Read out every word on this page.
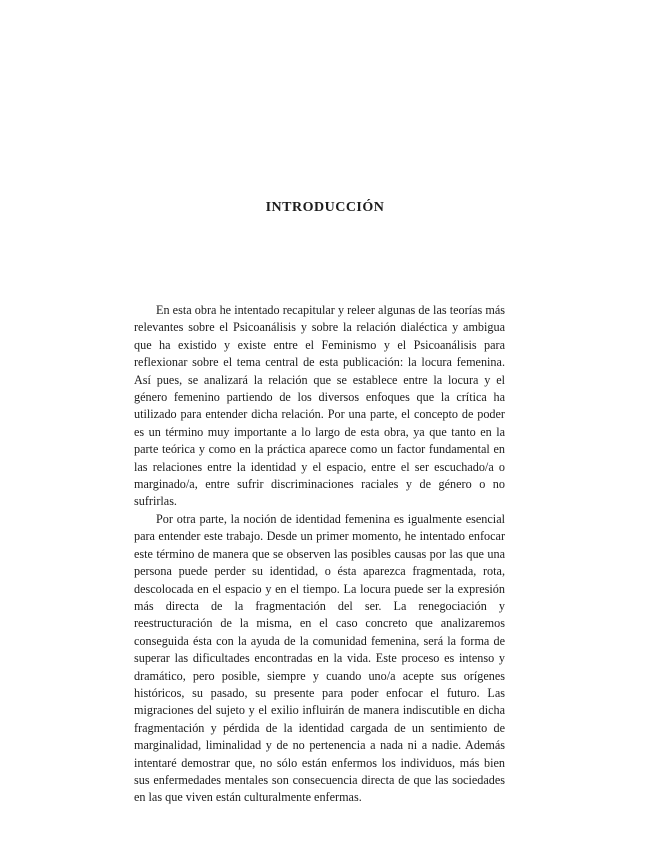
INTRODUCCIÓN

En esta obra he intentado recapitular y releer algunas de las teorías más relevantes sobre el Psicoanálisis y sobre la relación dialéctica y ambigua que ha existido y existe entre el Feminismo y el Psicoanálisis para reflexionar sobre el tema central de esta publicación: la locura femenina. Así pues, se analizará la relación que se establece entre la locura y el género femenino partiendo de los diversos enfoques que la crítica ha utilizado para entender dicha relación. Por una parte, el concepto de poder es un término muy importante a lo largo de esta obra, ya que tanto en la parte teórica y como en la práctica aparece como un factor fundamental en las relaciones entre la identidad y el espacio, entre el ser escuchado/a o marginado/a, entre sufrir discriminaciones raciales y de género o no sufrirlas.

Por otra parte, la noción de identidad femenina es igualmente esencial para entender este trabajo. Desde un primer momento, he intentado enfocar este término de manera que se observen las posibles causas por las que una persona puede perder su identidad, o ésta aparezca fragmentada, rota, descolocada en el espacio y en el tiempo. La locura puede ser la expresión más directa de la fragmentación del ser. La renegociación y reestructuración de la misma, en el caso concreto que analizaremos conseguida ésta con la ayuda de la comunidad femenina, será la forma de superar las dificultades encontradas en la vida. Este proceso es intenso y dramático, pero posible, siempre y cuando uno/a acepte sus orígenes históricos, su pasado, su presente para poder enfocar el futuro. Las migraciones del sujeto y el exilio influirán de manera indiscutible en dicha fragmentación y pérdida de la identidad cargada de un sentimiento de marginalidad, liminalidad y de no pertenencia a nada ni a nadie. Además intentaré demostrar que, no sólo están enfermos los individuos, más bien sus enfermedades mentales son consecuencia directa de que las sociedades en las que viven están culturalmente enfermas.
